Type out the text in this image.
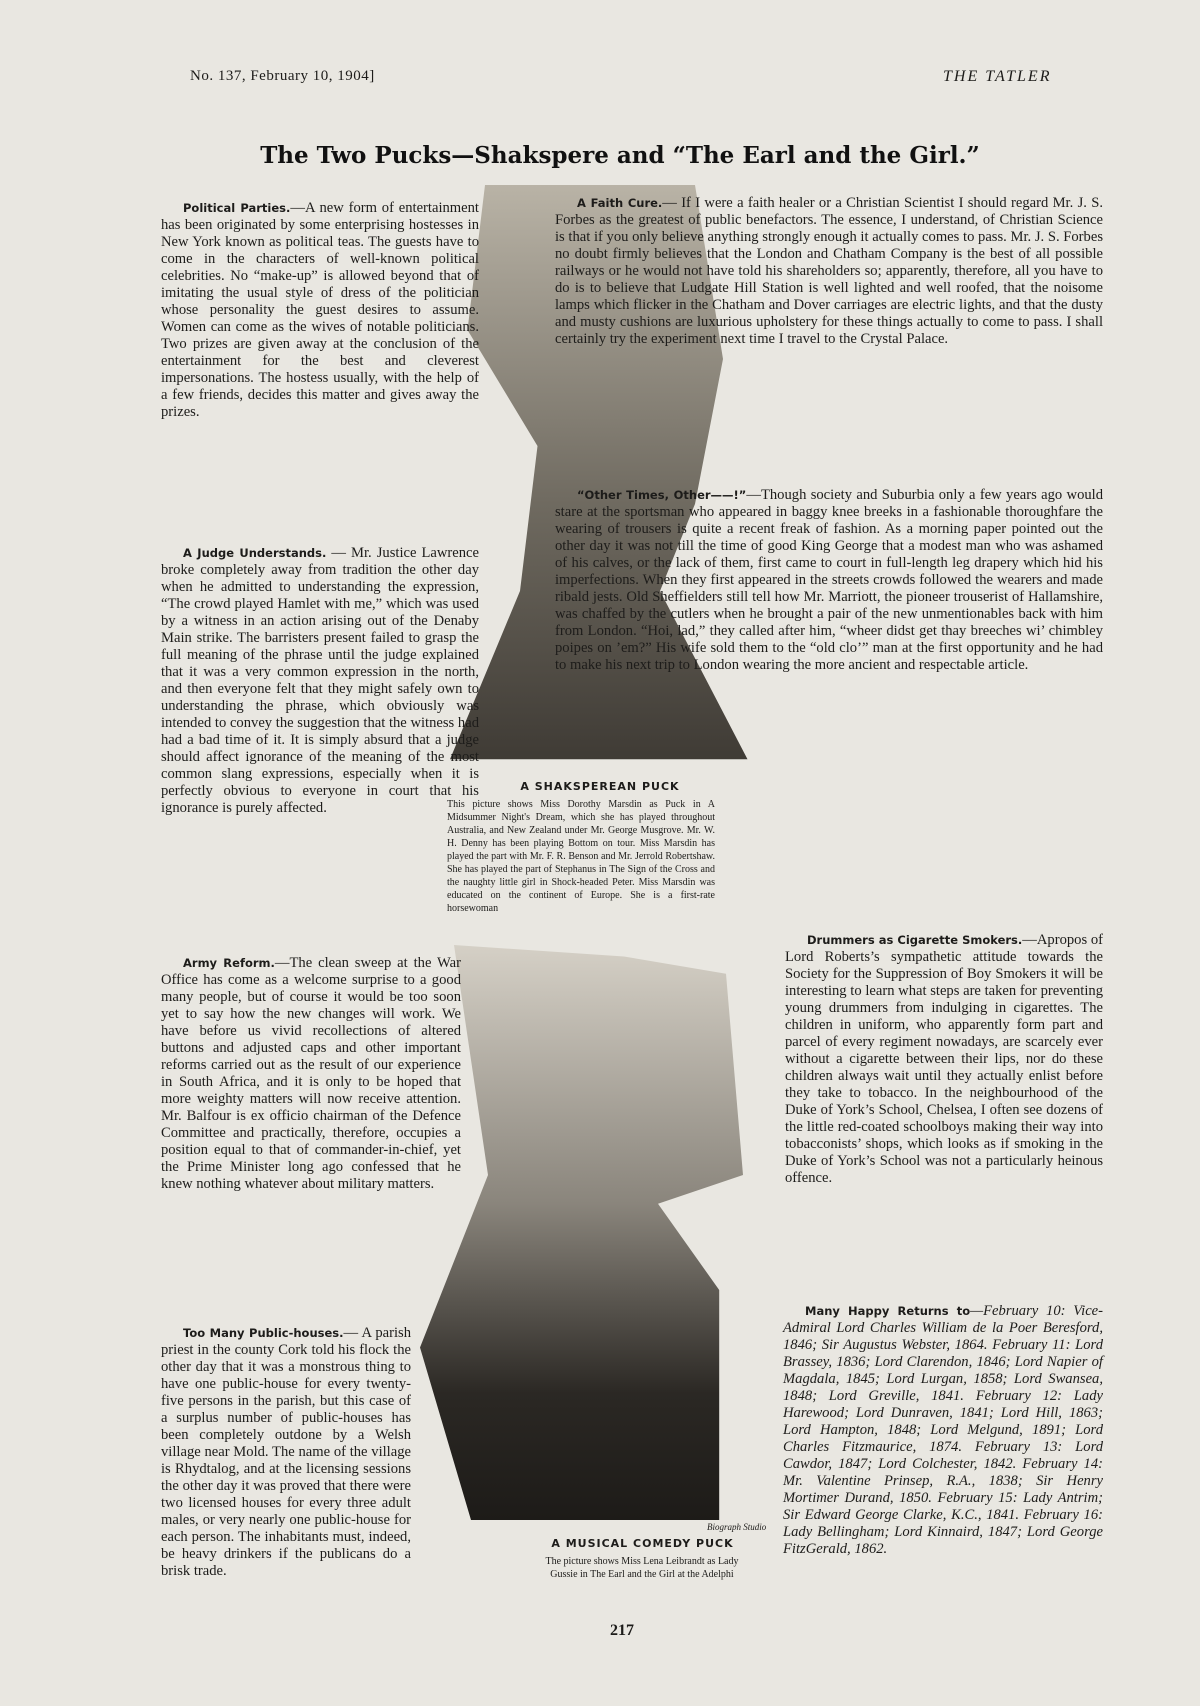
No. 137, February 10, 1904]	THE TATLER
The Two Pucks—Shakspere and “The Earl and the Girl.”
A SHAKSPEREAN PUCK
This picture shows Miss Dorothy Marsdin as Puck in A Midsummer Night's Dream, which she has played throughout Australia, and New Zealand under Mr. George Musgrove. Mr. W. H. Denny has been playing Bottom on tour. Miss Marsdin has played the part with Mr. F. R. Benson and Mr. Jerrold Robertshaw. She has played the part of Stephanus in The Sign of the Cross and the naughty little girl in Shock-headed Peter. Miss Marsdin was educated on the continent of Europe. She is a first-rate horsewoman
Biograph Studio
A MUSICAL COMEDY PUCK
The picture shows Miss Lena Leibrandt as Lady Gussie in The Earl and the Girl at the Adelphi

Political Parties.—A new form of entertainment has been originated by some enterprising hostesses in New York known as political teas. The guests have to come in the characters of well-known political celebrities. No “make-up” is allowed beyond that of imitating the usual style of dress of the politician whose personality the guest desires to assume. Women can come as the wives of notable politicians. Two prizes are given away at the conclusion of the entertainment for the best and cleverest impersonations. The hostess usually, with the help of a few friends, decides this matter and gives away the prizes.

A Judge Understands. — Mr. Justice Lawrence broke completely away from tradition the other day when he admitted to understanding the expression, “The crowd played Hamlet with me,” which was used by a witness in an action arising out of the Denaby Main strike. The barristers present failed to grasp the full meaning of the phrase until the judge explained that it was a very common expression in the north, and then everyone felt that they might safely own to understanding the phrase, which obviously was intended to convey the suggestion that the witness had had a bad time of it. It is simply absurd that a judge should affect ignorance of the meaning of the most common slang expressions, especially when it is perfectly obvious to everyone in court that his ignorance is purely affected.

Army Reform.—The clean sweep at the War Office has come as a welcome surprise to a good many people, but of course it would be too soon yet to say how the new changes will work. We have before us vivid recollections of altered buttons and adjusted caps and other important reforms carried out as the result of our experience in South Africa, and it is only to be hoped that more weighty matters will now receive attention. Mr. Balfour is ex officio chairman of the Defence Committee and practically, therefore, occupies a position equal to that of commander-in-chief, yet the Prime Minister long ago confessed that he knew nothing whatever about military matters.

Too Many Public-houses.— A parish priest in the county Cork told his flock the other day that it was a monstrous thing to have one public-house for every twenty-five persons in the parish, but this case of a surplus number of public-houses has been completely outdone by a Welsh village near Mold. The name of the village is Rhydtalog, and at the licensing sessions the other day it was proved that there were two licensed houses for every three adult males, or very nearly one public-house for each person. The inhabitants must, indeed, be heavy drinkers if the publicans do a brisk trade.

A Faith Cure.— If I were a faith healer or a Christian Scientist I should regard Mr. J. S. Forbes as the greatest of public benefactors. The essence, I understand, of Christian Science is that if you only believe anything strongly enough it actually comes to pass. Mr. J. S. Forbes no doubt firmly believes that the London and Chatham Company is the best of all possible railways or he would not have told his shareholders so; apparently, therefore, all you have to do is to believe that Ludgate Hill Station is well lighted and well roofed, that the noisome lamps which flicker in the Chatham and Dover carriages are electric lights, and that the dusty and musty cushions are luxurious upholstery for these things actually to come to pass. I shall certainly try the experiment next time I travel to the Crystal Palace.

“Other Times, Other——!”—Though society and Suburbia only a few years ago would stare at the sportsman who appeared in baggy knee breeks in a fashionable thoroughfare the wearing of trousers is quite a recent freak of fashion. As a morning paper pointed out the other day it was not till the time of good King George that a modest man who was ashamed of his calves, or the lack of them, first came to court in full-length leg drapery which hid his imperfections. When they first appeared in the streets crowds followed the wearers and made ribald jests. Old Sheffielders still tell how Mr. Marriott, the pioneer trouserist of Hallamshire, was chaffed by the cutlers when he brought a pair of the new unmentionables back with him from London. “Hoi, lad,” they called after him, “wheer didst get thay breeches wi’ chimbley poipes on ’em?” His wife sold them to the “old clo’” man at the first opportunity and he had to make his next trip to London wearing the more ancient and respectable article.

Drummers as Cigarette Smokers.—Apropos of Lord Roberts’s sympathetic attitude towards the Society for the Suppression of Boy Smokers it will be interesting to learn what steps are taken for preventing young drummers from indulging in cigarettes. The children in uniform, who apparently form part and parcel of every regiment nowadays, are scarcely ever without a cigarette between their lips, nor do these children always wait until they actually enlist before they take to tobacco. In the neighbourhood of the Duke of York’s School, Chelsea, I often see dozens of the little red-coated schoolboys making their way into tobacconists’ shops, which looks as if smoking in the Duke of York’s School was not a particularly heinous offence.

Many Happy Returns to—February 10: Vice-Admiral Lord Charles William de la Poer Beresford, 1846; Sir Augustus Webster, 1864. February 11: Lord Brassey, 1836; Lord Clarendon, 1846; Lord Napier of Magdala, 1845; Lord Lurgan, 1858; Lord Swansea, 1848; Lord Greville, 1841. February 12: Lady Harewood; Lord Dunraven, 1841; Lord Hill, 1863; Lord Hampton, 1848; Lord Melgund, 1891; Lord Charles Fitzmaurice, 1874. February 13: Lord Cawdor, 1847; Lord Colchester, 1842. February 14: Mr. Valentine Prinsep, R.A., 1838; Sir Henry Mortimer Durand, 1850. February 15: Lady Antrim; Sir Edward George Clarke, K.C., 1841. February 16: Lady Bellingham; Lord Kinnaird, 1847; Lord George FitzGerald, 1862.

217
